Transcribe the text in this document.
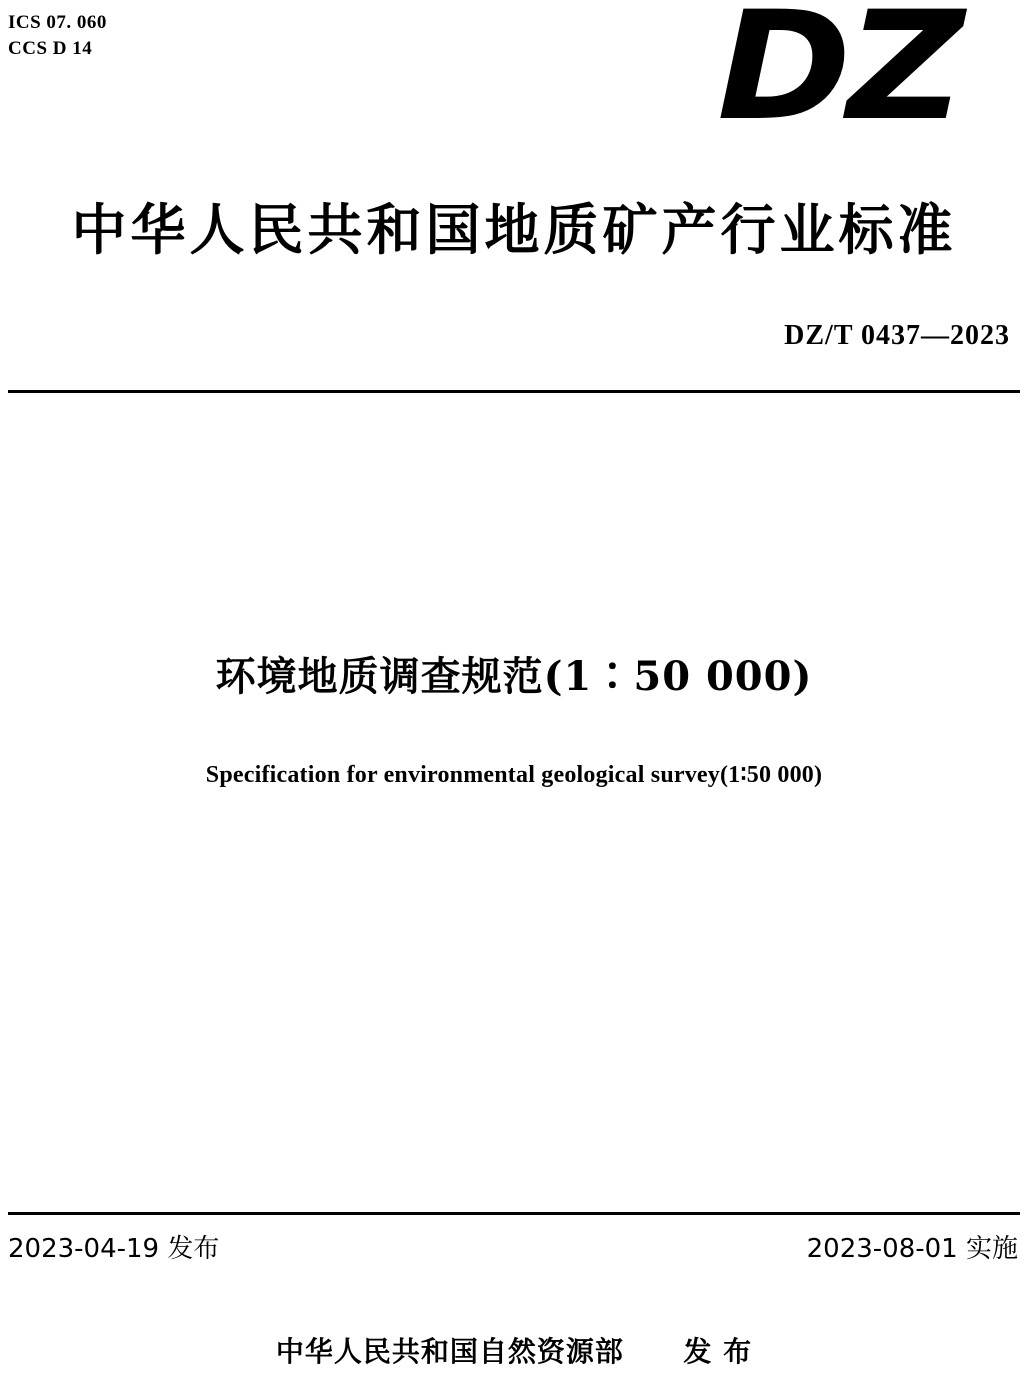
ICS 07. 060
CCS D 14	DZ
中华人民共和国地质矿产行业标准
DZ/T 0437—2023
环境地质调查规范(1∶50 000)
Specification for environmental geological survey(1∶50 000)
2023-04-19 发布	2023-08-01 实施
中华人民共和国自然资源部 发 布
